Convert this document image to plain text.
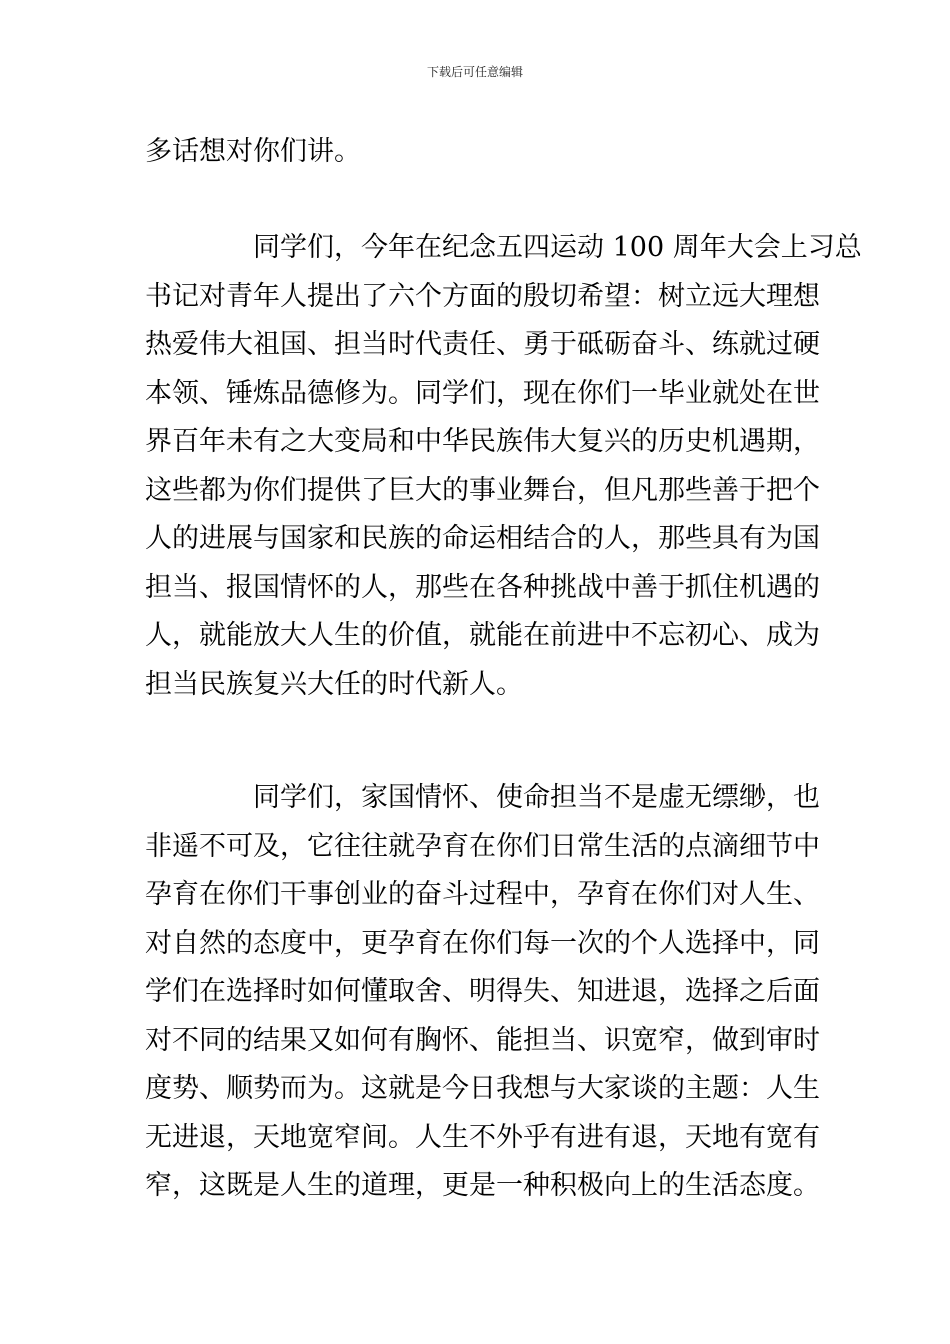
下载后可任意编辑

多话想对你们讲。

同学们，今年在纪念五四运动 100 周年大会上习总
书记对青年人提出了六个方面的殷切希望：树立远大理想
热爱伟大祖国、担当时代责任、勇于砥砺奋斗、练就过硬
本领、锤炼品德修为。同学们，现在你们一毕业就处在世
界百年未有之大变局和中华民族伟大复兴的历史机遇期，
这些都为你们提供了巨大的事业舞台，但凡那些善于把个
人的进展与国家和民族的命运相结合的人，那些具有为国
担当、报国情怀的人，那些在各种挑战中善于抓住机遇的
人，就能放大人生的价值，就能在前进中不忘初心、成为
担当民族复兴大任的时代新人。

同学们，家国情怀、使命担当不是虚无缥缈，也
非遥不可及，它往往就孕育在你们日常生活的点滴细节中
孕育在你们干事创业的奋斗过程中，孕育在你们对人生、
对自然的态度中，更孕育在你们每一次的个人选择中，同
学们在选择时如何懂取舍、明得失、知进退，选择之后面
对不同的结果又如何有胸怀、能担当、识宽窄，做到审时
度势、顺势而为。这就是今日我想与大家谈的主题：人生
无进退，天地宽窄间。人生不外乎有进有退，天地有宽有
窄，这既是人生的道理，更是一种积极向上的生活态度。
